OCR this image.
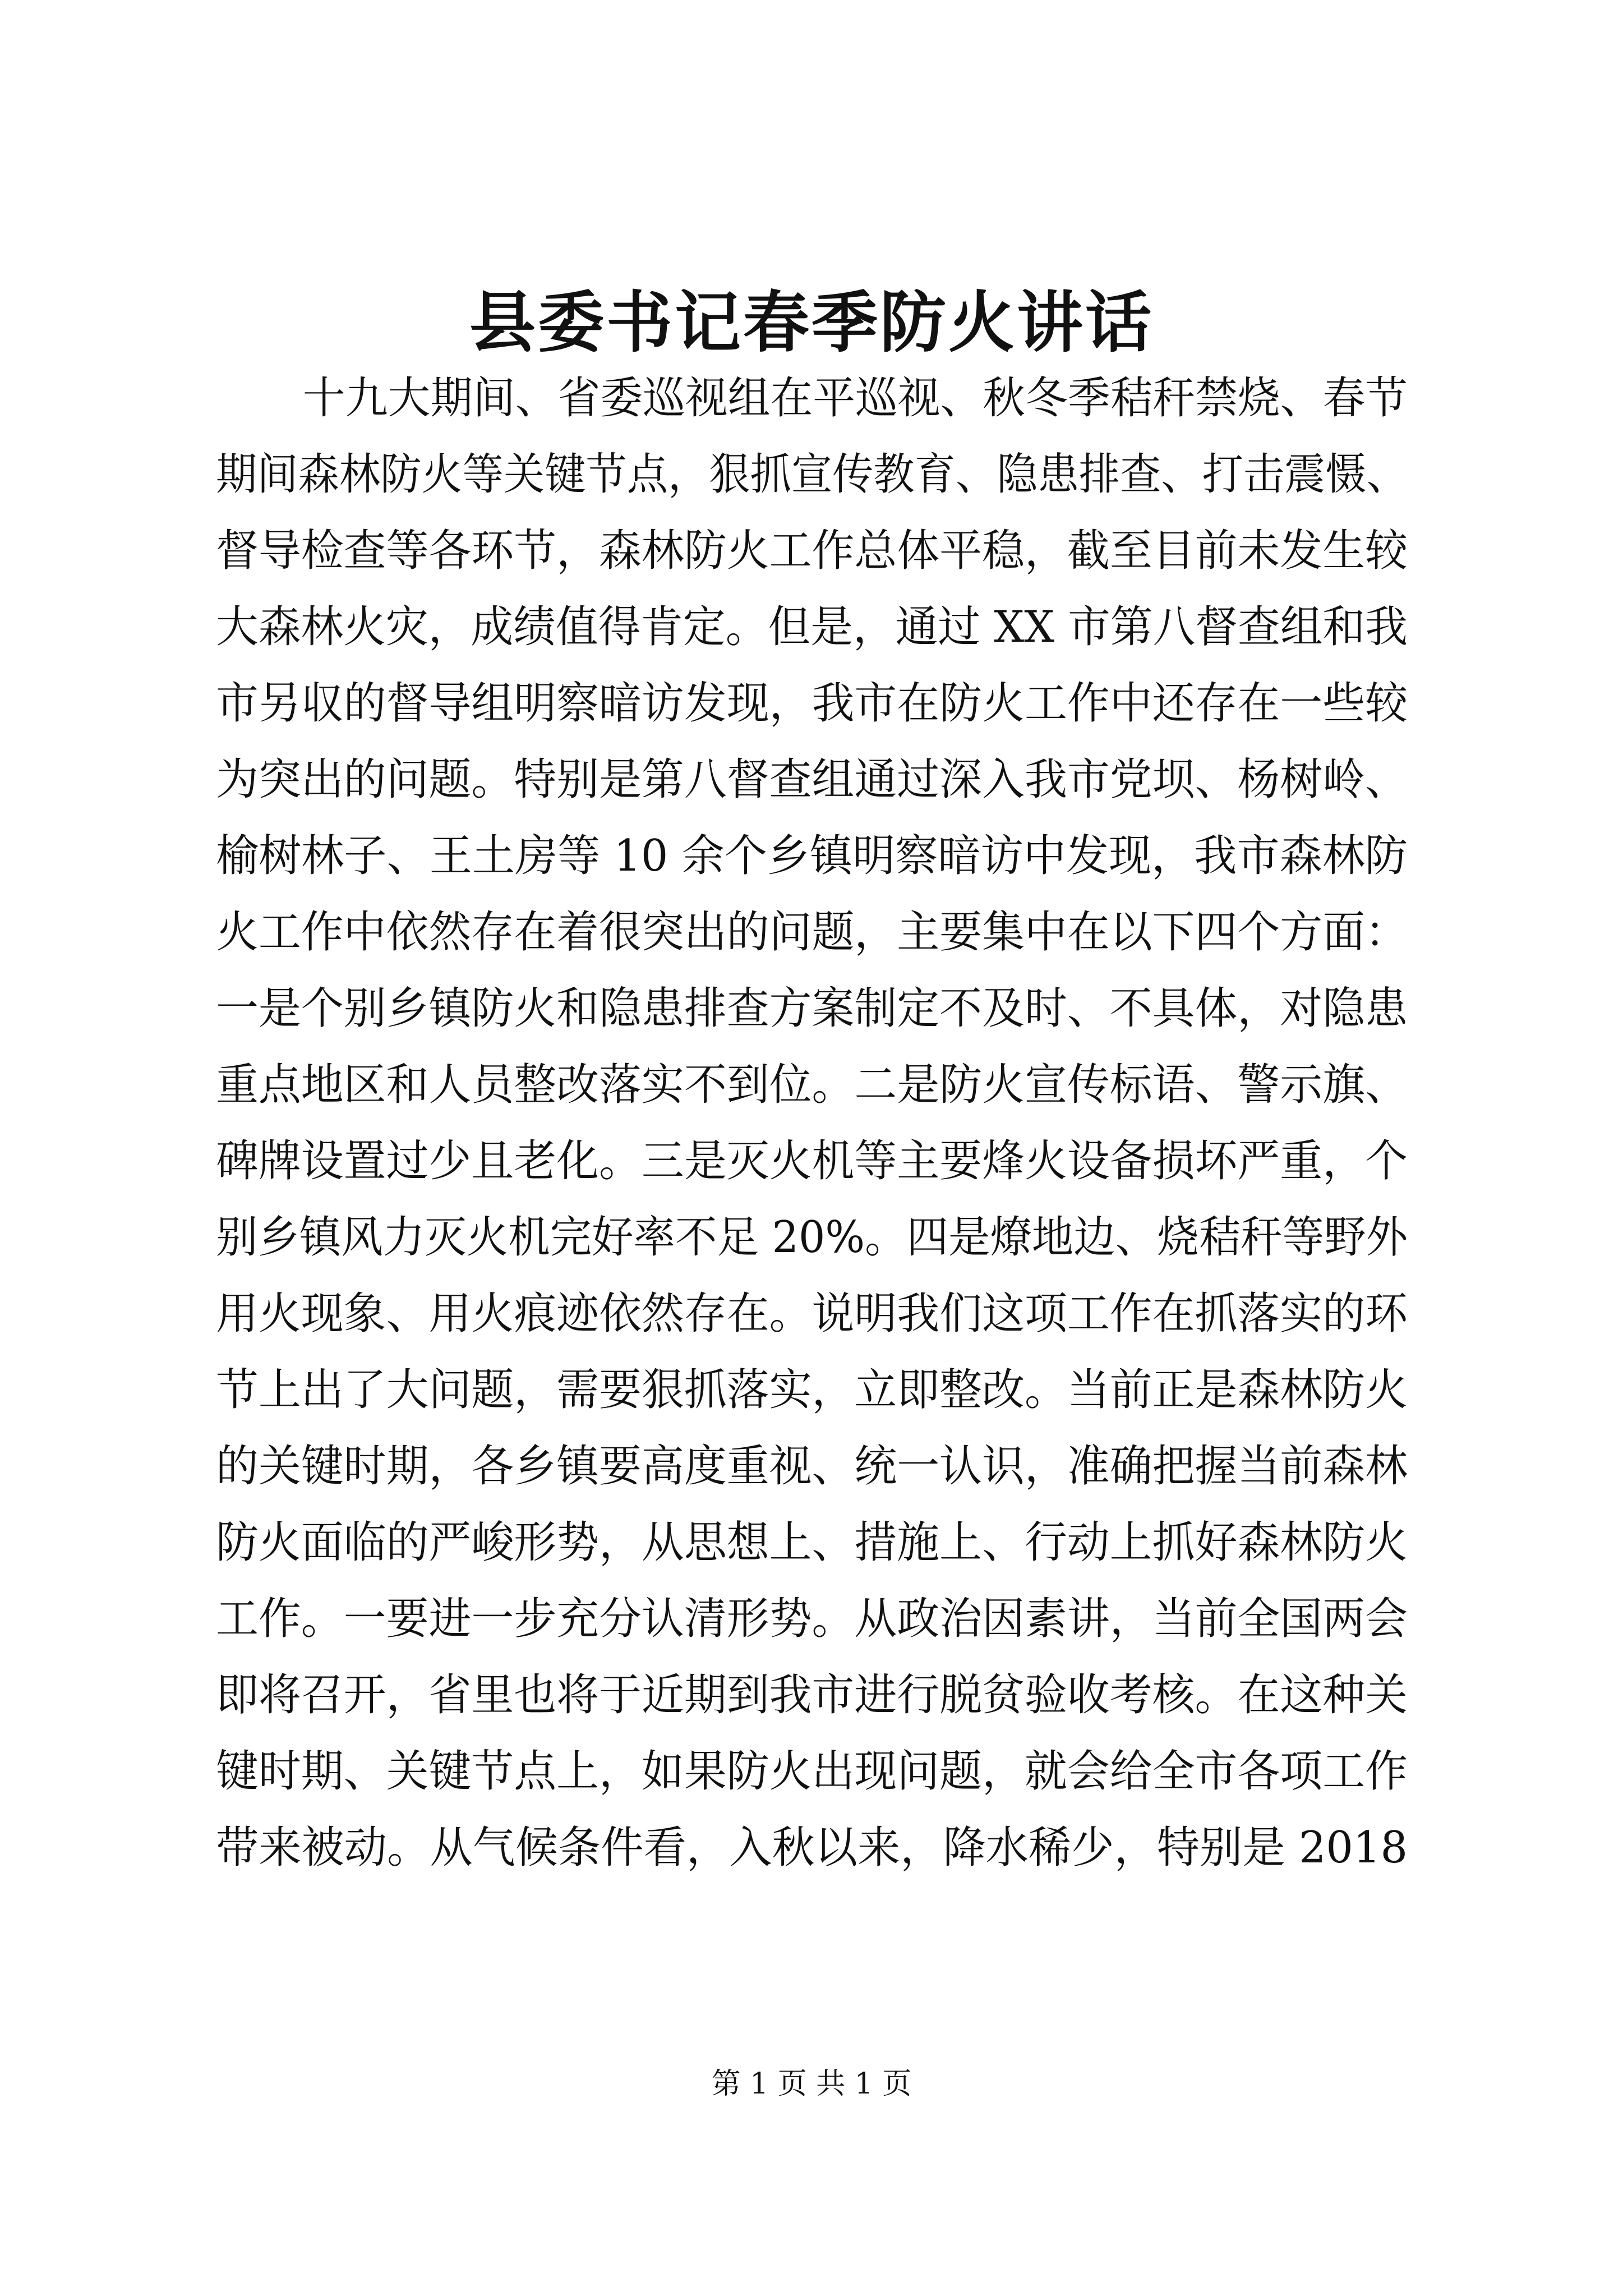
县委书记春季防火讲话
十九大期间、省委巡视组在平巡视、秋冬季秸秆禁烧、春节
期间森林防火等关键节点，狠抓宣传教育、隐患排查、打击震慑、
督导检查等各环节，森林防火工作总体平稳，截至目前未发生较
大森林火灾，成绩值得肯定。但是，通过 XX 市第八督查组和我
市另収的督导组明察暗访发现，我市在防火工作中还存在一些较
为突出的问题。特别是第八督查组通过深入我市党坝、杨树岭、
榆树林子、王土房等 10 余个乡镇明察暗访中发现，我市森林防
火工作中依然存在着很突出的问题，主要集中在以下四个方面：
一是个别乡镇防火和隐患排查方案制定不及时、不具体，对隐患
重点地区和人员整改落实不到位。二是防火宣传标语、警示旗、
碑牌设置过少且老化。三是灭火机等主要烽火设备损坏严重，个
别乡镇风力灭火机完好率不足 20%。四是燎地边、烧秸秆等野外
用火现象、用火痕迹依然存在。说明我们这项工作在抓落实的环
节上出了大问题，需要狠抓落实，立即整改。当前正是森林防火
的关键时期，各乡镇要高度重视、统一认识，准确把握当前森林
防火面临的严峻形势，从思想上、措施上、行动上抓好森林防火
工作。一要进一步充分认清形势。从政治因素讲，当前全国两会
即将召开，省里也将于近期到我市进行脱贫验收考核。在这种关
键时期、关键节点上，如果防火出现问题，就会给全市各项工作
带来被动。从气候条件看，入秋以来，降水稀少，特别是 2018
第 1 页 共 1 页
